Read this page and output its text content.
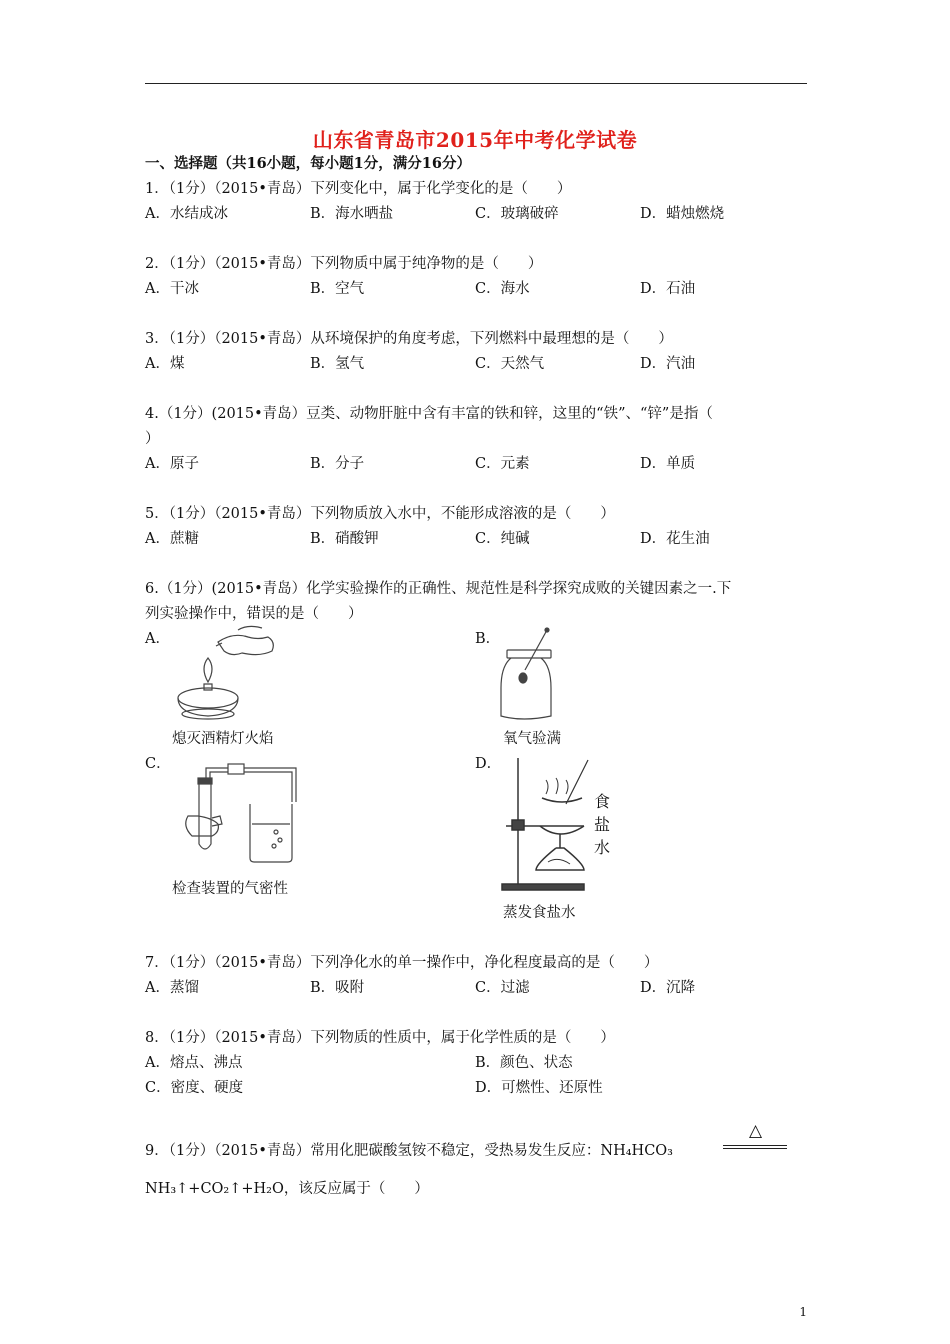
山东省青岛市2015年中考化学试卷
一、选择题（共16小题，每小题1分，满分16分）
1．（1分）（2015•青岛）下列变化中，属于化学变化的是（　　）
A．水结成冰	B．海水晒盐	C．玻璃破碎	D．蜡烛燃烧
2．（1分）（2015•青岛）下列物质中属于纯净物的是（　　）
A．干冰	B．空气	C．海水	D．石油
3．（1分）（2015•青岛）从环境保护的角度考虑，下列燃料中最理想的是（　　）
A．煤	B．氢气	C．天然气	D．汽油
4.（1分）(2015•青岛）豆类、动物肝脏中含有丰富的铁和锌，这里的“铁”、“锌”是指（
）
A．原子	B．分子	C．元素	D．单质
5．（1分）（2015•青岛）下列物质放入水中，不能形成溶液的是（　　）
A．蔗糖	B．硝酸钾	C．纯碱	D．花生油
6.（1分）(2015•青岛）化学实验操作的正确性、规范性是科学探究成败的关键因素之一.下
列实验操作中，错误的是（　　）
A．
熄灭酒精灯火焰
B．
氧气验满
C．
检查装置的气密性
D．
食
盐
水
蒸发食盐水
7．（1分）（2015•青岛）下列净化水的单一操作中，净化程度最高的是（　　）
A．蒸馏	B．吸附	C．过滤	D．沉降
8．（1分）（2015•青岛）下列物质的性质中，属于化学性质的是（　　）
A．熔点、沸点	B．颜色、状态
C．密度、硬度	D．可燃性、还原性
9．（1分）（2015•青岛）常用化肥碳酸氢铵不稳定，受热易发生反应：NH₄HCO₃
△
NH₃↑+CO₂↑+H₂O，该反应属于（　　）
1
